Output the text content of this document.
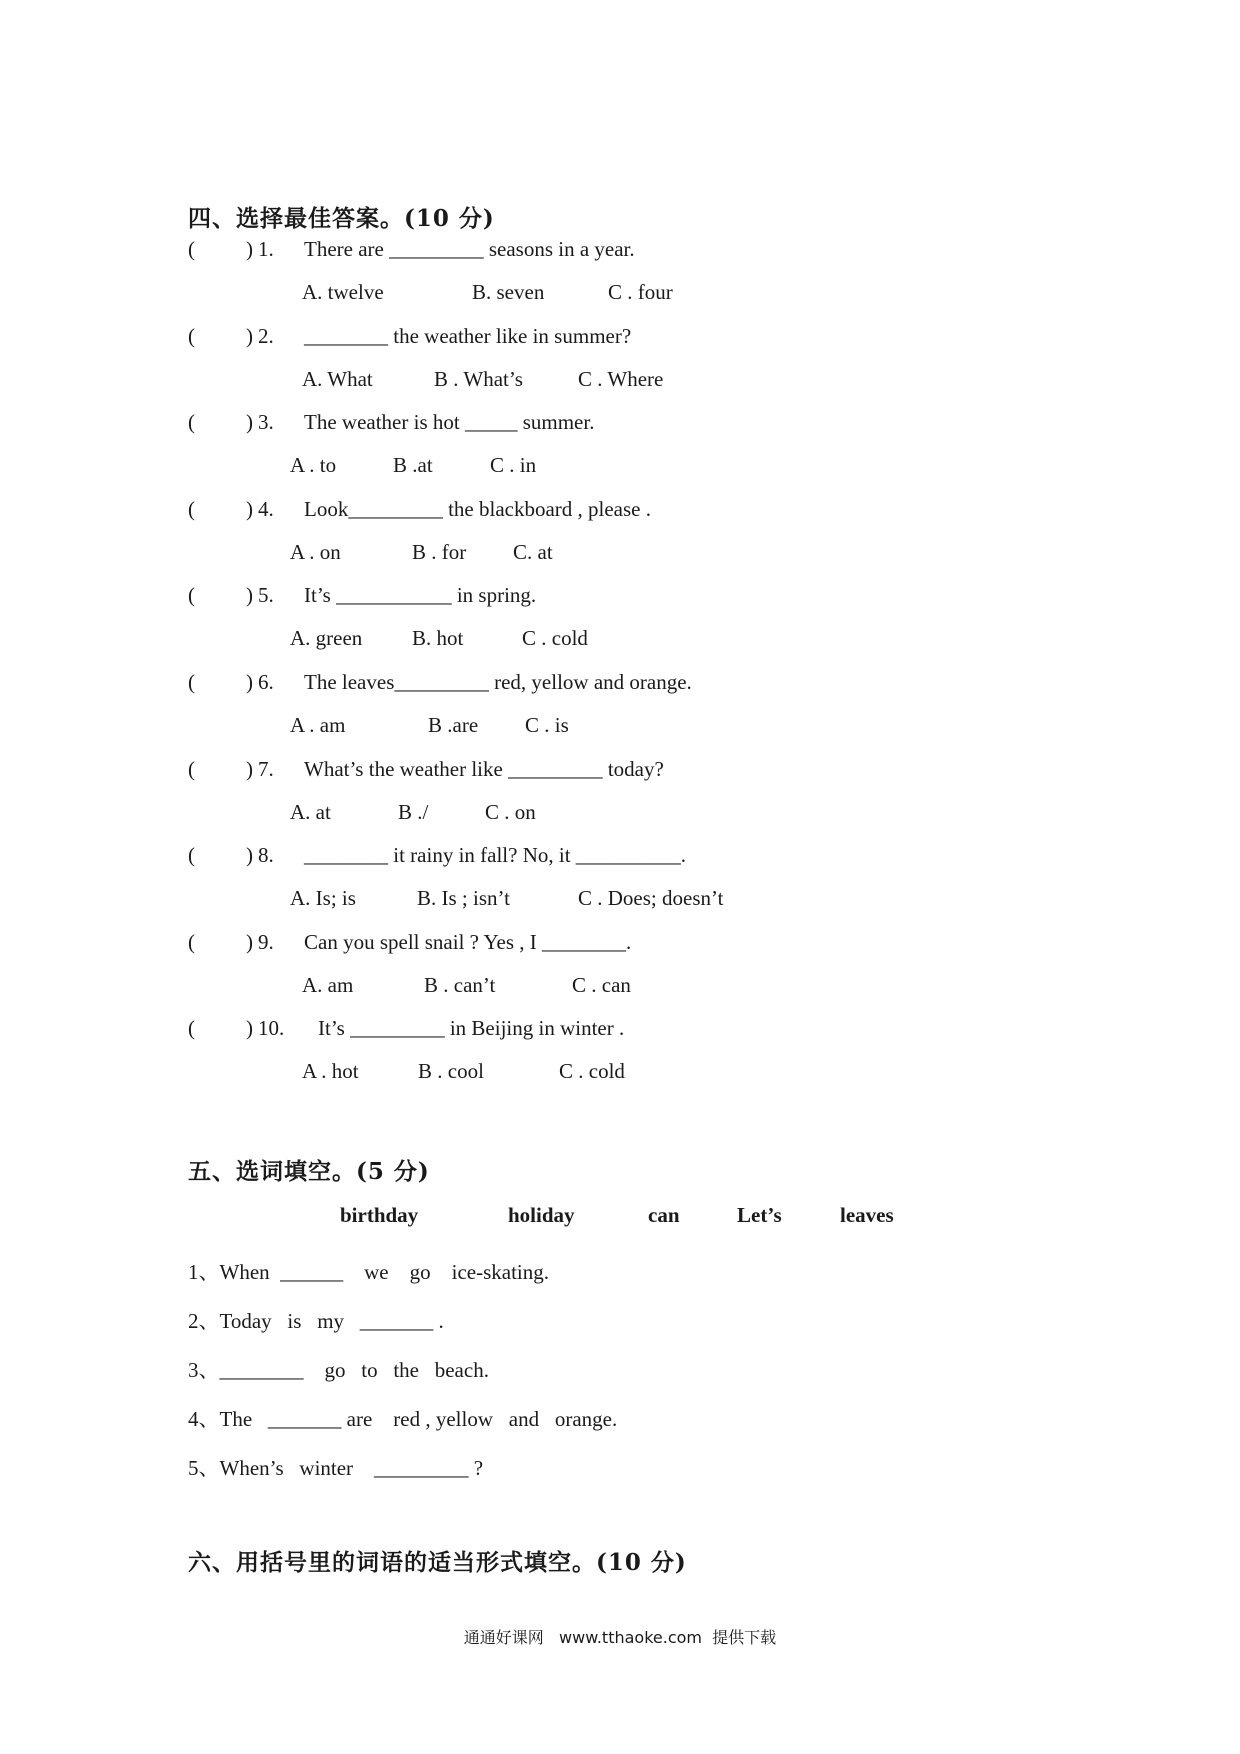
四、选择最佳答案。(10 分)
( ) 1. There are _________ seasons in a year.
A. twelve	B. seven	C . four
( ) 2. ________ the weather like in summer?
A. What	B . What’s	C . Where
( ) 3. The weather is hot _____ summer.
A . to	B .at	C . in
( ) 4. Look_________ the blackboard , please .
A . on	B . for C. at
( ) 5. It’s ___________ in spring.
A. green B. hot	C . cold
( ) 6. The leaves_________ red, yellow and orange.
A . am	B .are C . is
( ) 7. What’s the weather like _________ today?
A. at	B ./	C . on
( ) 8. ________ it rainy in fall? No, it __________.
A. Is; is	B. Is ; isn’t	C . Does; doesn’t
( ) 9. Can you spell snail ? Yes , I ________.
A. am	B . can’t	C . can
( ) 10. It’s _________ in Beijing in winter .
A . hot	B . cool	C . cold
五、选词填空。(5 分)
birthday	holiday	can	Let’s	leaves
1、When  ______    we    go    ice-skating.
2、Today   is   my   _______ .
3、________    go   to   the   beach.
4、The   _______ are    red , yellow   and   orange.
5、When’s   winter    _________ ?
六、用括号里的词语的适当形式填空。(10 分)
通通好课网   www.tthaoke.com  提供下载
